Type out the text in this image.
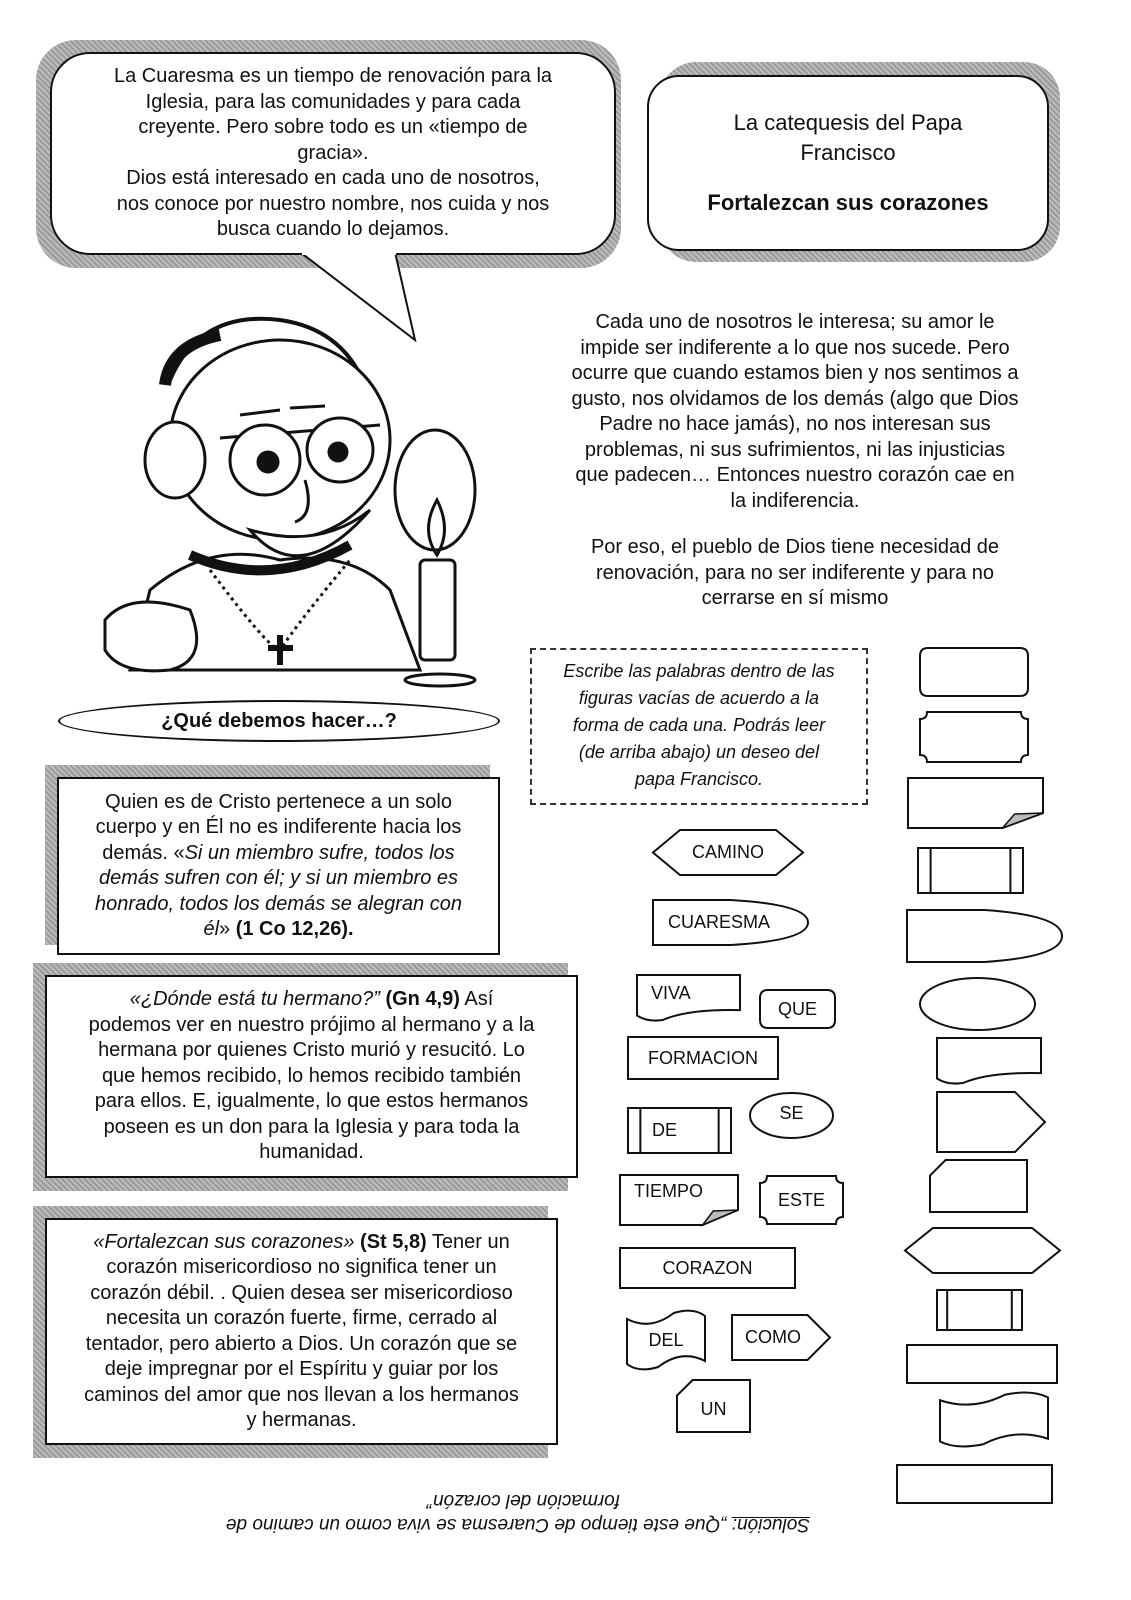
La Cuaresma es un tiempo de renovación para la
Iglesia, para las comunidades y para cada
creyente. Pero sobre todo es un «tiempo de
gracia».
Dios está interesado en cada uno de nosotros,
nos conoce por nuestro nombre, nos cuida y nos
busca cuando lo dejamos.
La catequesis del Papa
Francisco
Fortalezcan sus corazones
Cada uno de nosotros le interesa; su amor le
impide ser indiferente a lo que nos sucede. Pero
ocurre que cuando estamos bien y nos sentimos a
gusto, nos olvidamos de los demás (algo que Dios
Padre no hace jamás), no nos interesan sus
problemas, ni sus sufrimientos, ni las injusticias
que padecen… Entonces nuestro corazón cae en
la indiferencia.
Por eso, el pueblo de Dios tiene necesidad de
renovación, para no ser indiferente y para no
cerrarse en sí mismo
¿Qué debemos hacer…?
Escribe las palabras dentro de las
figuras vacías de acuerdo a la
forma de cada una. Podrás leer
(de arriba abajo) un deseo del
papa Francisco.
Quien es de Cristo pertenece a un solo
cuerpo y en Él no es indiferente hacia los
demás. «Si un miembro sufre, todos los
demás sufren con él; y si un miembro es
honrado, todos los demás se alegran con
él» (1 Co 12,26).
«¿Dónde está tu hermano?” (Gn 4,9) Así
podemos ver en nuestro prójimo al hermano y a la
hermana por quienes Cristo murió y resucitó. Lo
que hemos recibido, lo hemos recibido también
para ellos. E, igualmente, lo que estos hermanos
poseen es un don para la Iglesia y para toda la
humanidad.
«Fortalezcan sus corazones» (St 5,8) Tener un
corazón misericordioso no significa tener un
corazón débil. . Quien desea ser misericordioso
necesita un corazón fuerte, firme, cerrado al
tentador, pero abierto a Dios. Un corazón que se
deje impregnar por el Espíritu y guiar por los
caminos del amor que nos llevan a los hermanos
y hermanas.
CAMINO
CUARESMA
VIVA
QUE
FORMACION
DE
SE
TIEMPO	ESTE
CORAZON
DEL	COMO
UN
Solución: „Que este tiempo de Cuaresma se viva como un camino de
formación del corazón”
